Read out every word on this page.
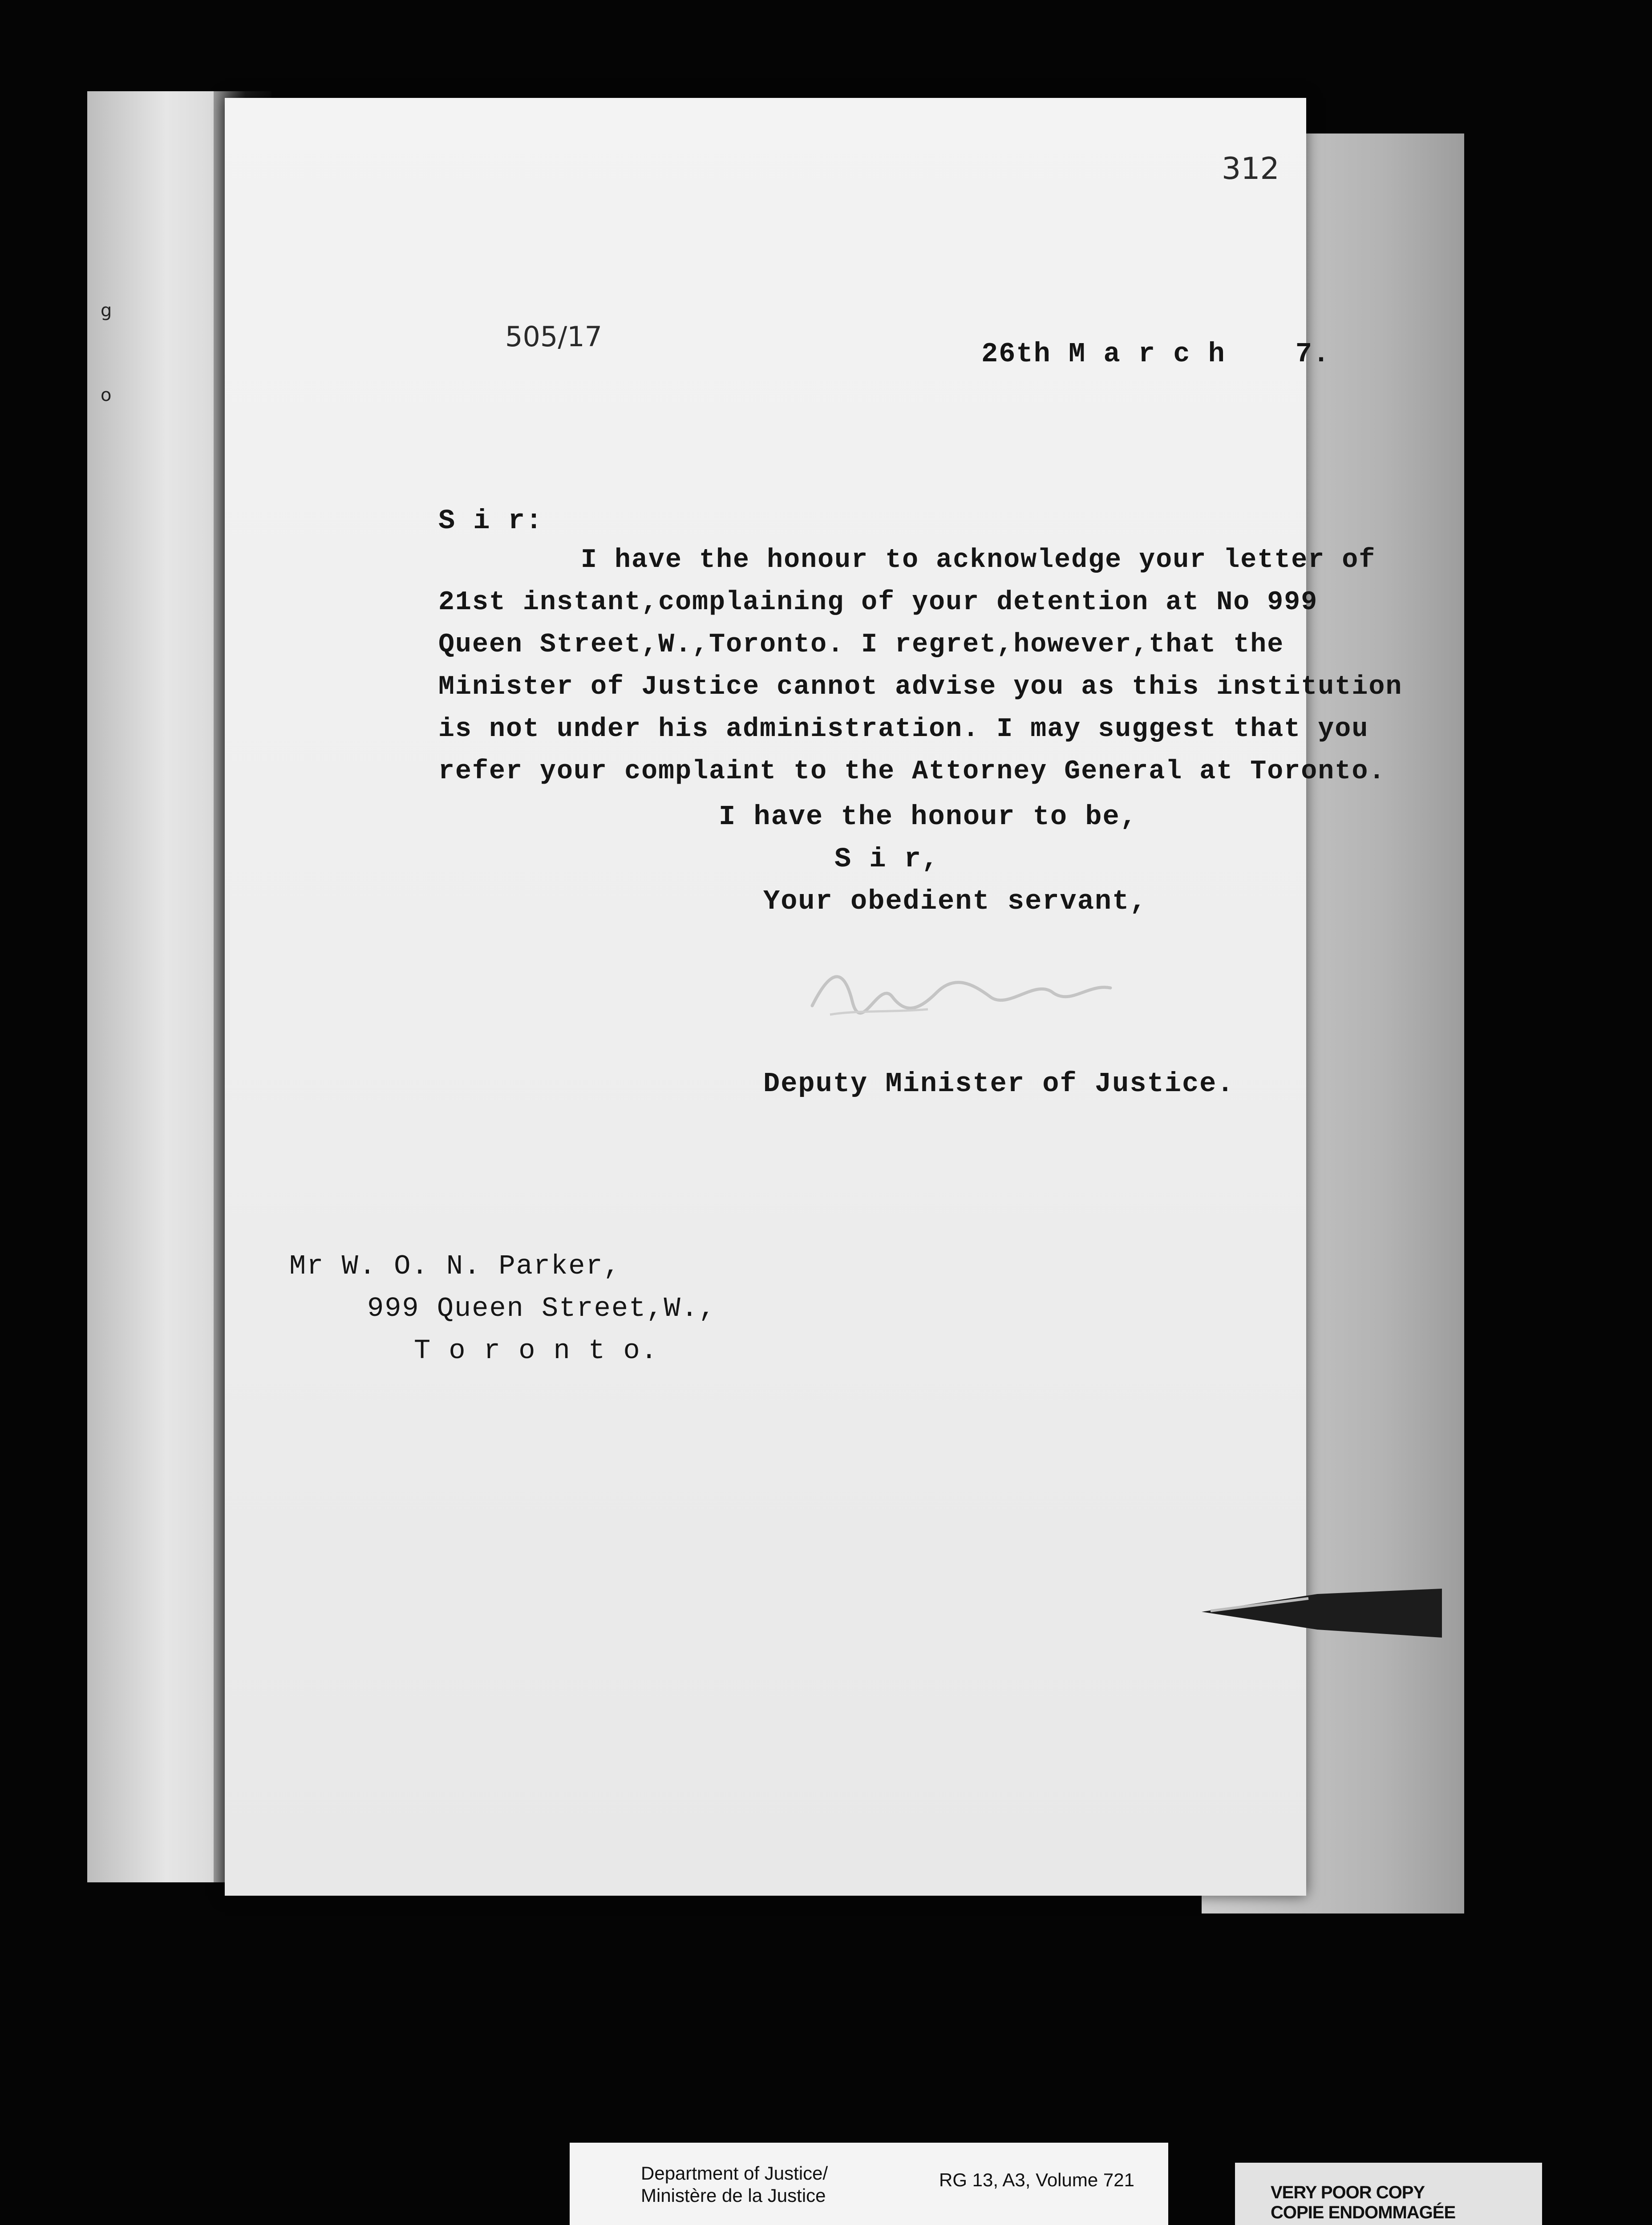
g
o
312
505/17
26th M a r c h    7.
S i r:
I have the honour to acknowledge your letter of
21st instant,complaining of your detention at No 999
Queen Street,W.,Toronto. I regret,however,that the
Minister of Justice cannot advise you as this institution
is not under his administration. I may suggest that you
refer your complaint to the Attorney General at Toronto.
I have the honour to be,
S i r,
Your obedient servant,
Deputy Minister of Justice.
Mr W. O. N. Parker,
999 Queen Street,W.,
T o r o n t o.
Department of Justice/
Ministère de la Justice
RG 13, A3, Volume 721
VERY POOR COPY
COPIE ENDOMMAGÉE
